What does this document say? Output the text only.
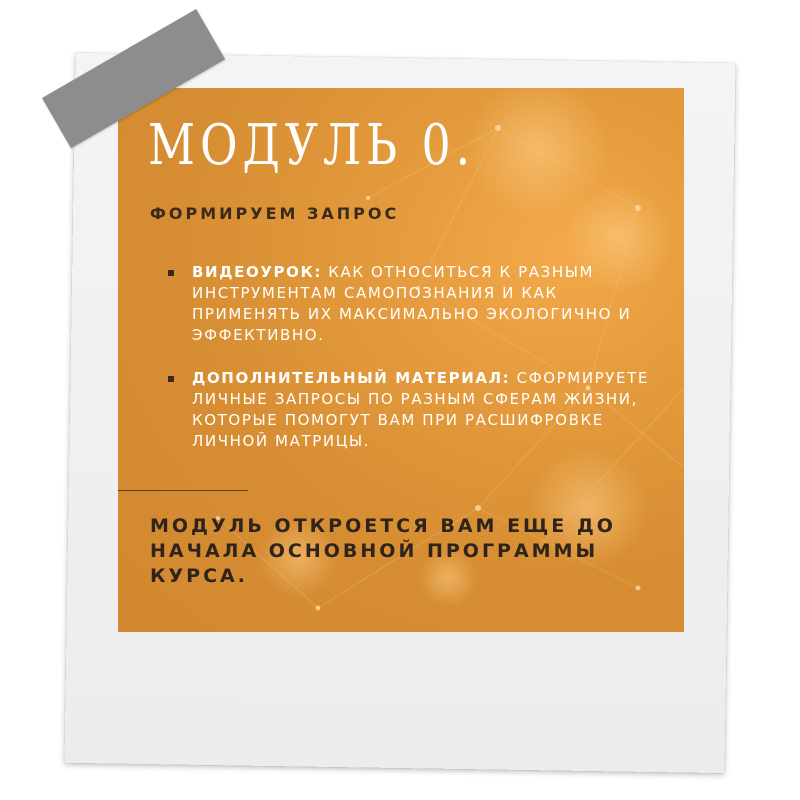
МОДУЛЬ 0.
ФОРМИРУЕМ ЗАПРОС
ВИДЕОУРОК: КАК ОТНОСИТЬСЯ К РАЗНЫМ ИНСТРУМЕНТАМ САМОПОЗНАНИЯ И КАК ПРИМЕНЯТЬ ИХ МАКСИМАЛЬНО ЭКОЛОГИЧНО И ЭФФЕКТИВНО.
ДОПОЛНИТЕЛЬНЫЙ МАТЕРИАЛ: СФОРМИРУЕТЕ ЛИЧНЫЕ ЗАПРОСЫ ПО РАЗНЫМ СФЕРАМ ЖИЗНИ, КОТОРЫЕ ПОМОГУТ ВАМ ПРИ РАСШИФРОВКЕ ЛИЧНОЙ МАТРИЦЫ.

МОДУЛЬ ОТКРОЕТСЯ ВАМ ЕЩЕ ДО НАЧАЛА ОСНОВНОЙ ПРОГРАММЫ КУРСА.
